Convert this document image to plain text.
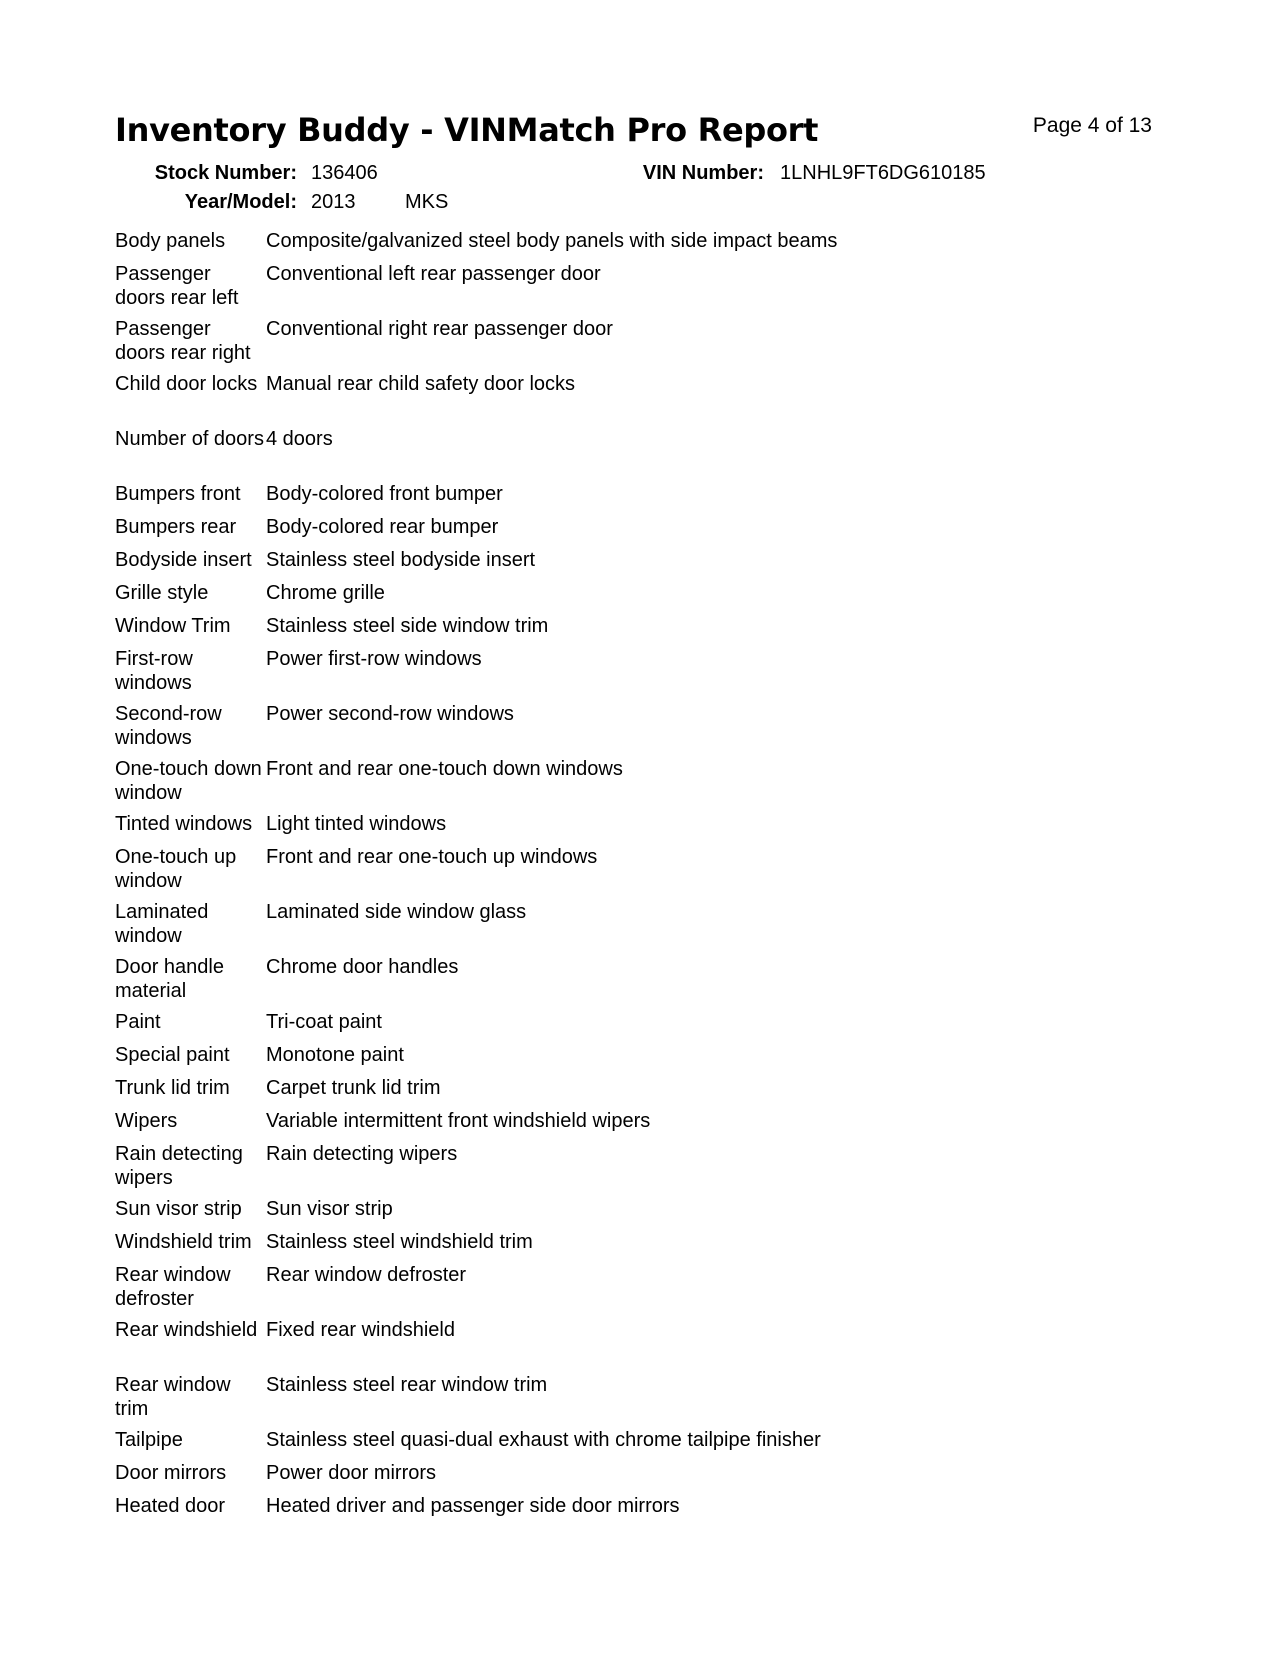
Inventory Buddy - VINMatch Pro Report	Page 4 of 13
Stock Number: 136406	VIN Number: 1LNHL9FT6DG610185
Year/Model: 2013 MKS
Body panels	Composite/galvanized steel body panels with side impact beams
Passenger doors rear left	Conventional left rear passenger door
Passenger doors rear right	Conventional right rear passenger door
Child door locks	Manual rear child safety door locks
Number of doors	4 doors
Bumpers front	Body-colored front bumper
Bumpers rear	Body-colored rear bumper
Bodyside insert	Stainless steel bodyside insert
Grille style	Chrome grille
Window Trim	Stainless steel side window trim
First-row windows	Power first-row windows
Second-row windows	Power second-row windows
One-touch down window	Front and rear one-touch down windows
Tinted windows	Light tinted windows
One-touch up window	Front and rear one-touch up windows
Laminated window	Laminated side window glass
Door handle material	Chrome door handles
Paint	Tri-coat paint
Special paint	Monotone paint
Trunk lid trim	Carpet trunk lid trim
Wipers	Variable intermittent front windshield wipers
Rain detecting wipers	Rain detecting wipers
Sun visor strip	Sun visor strip
Windshield trim	Stainless steel windshield trim
Rear window defroster	Rear window defroster
Rear windshield	Fixed rear windshield
Rear window trim	Stainless steel rear window trim
Tailpipe	Stainless steel quasi-dual exhaust with chrome tailpipe finisher
Door mirrors	Power door mirrors
Heated door	Heated driver and passenger side door mirrors
